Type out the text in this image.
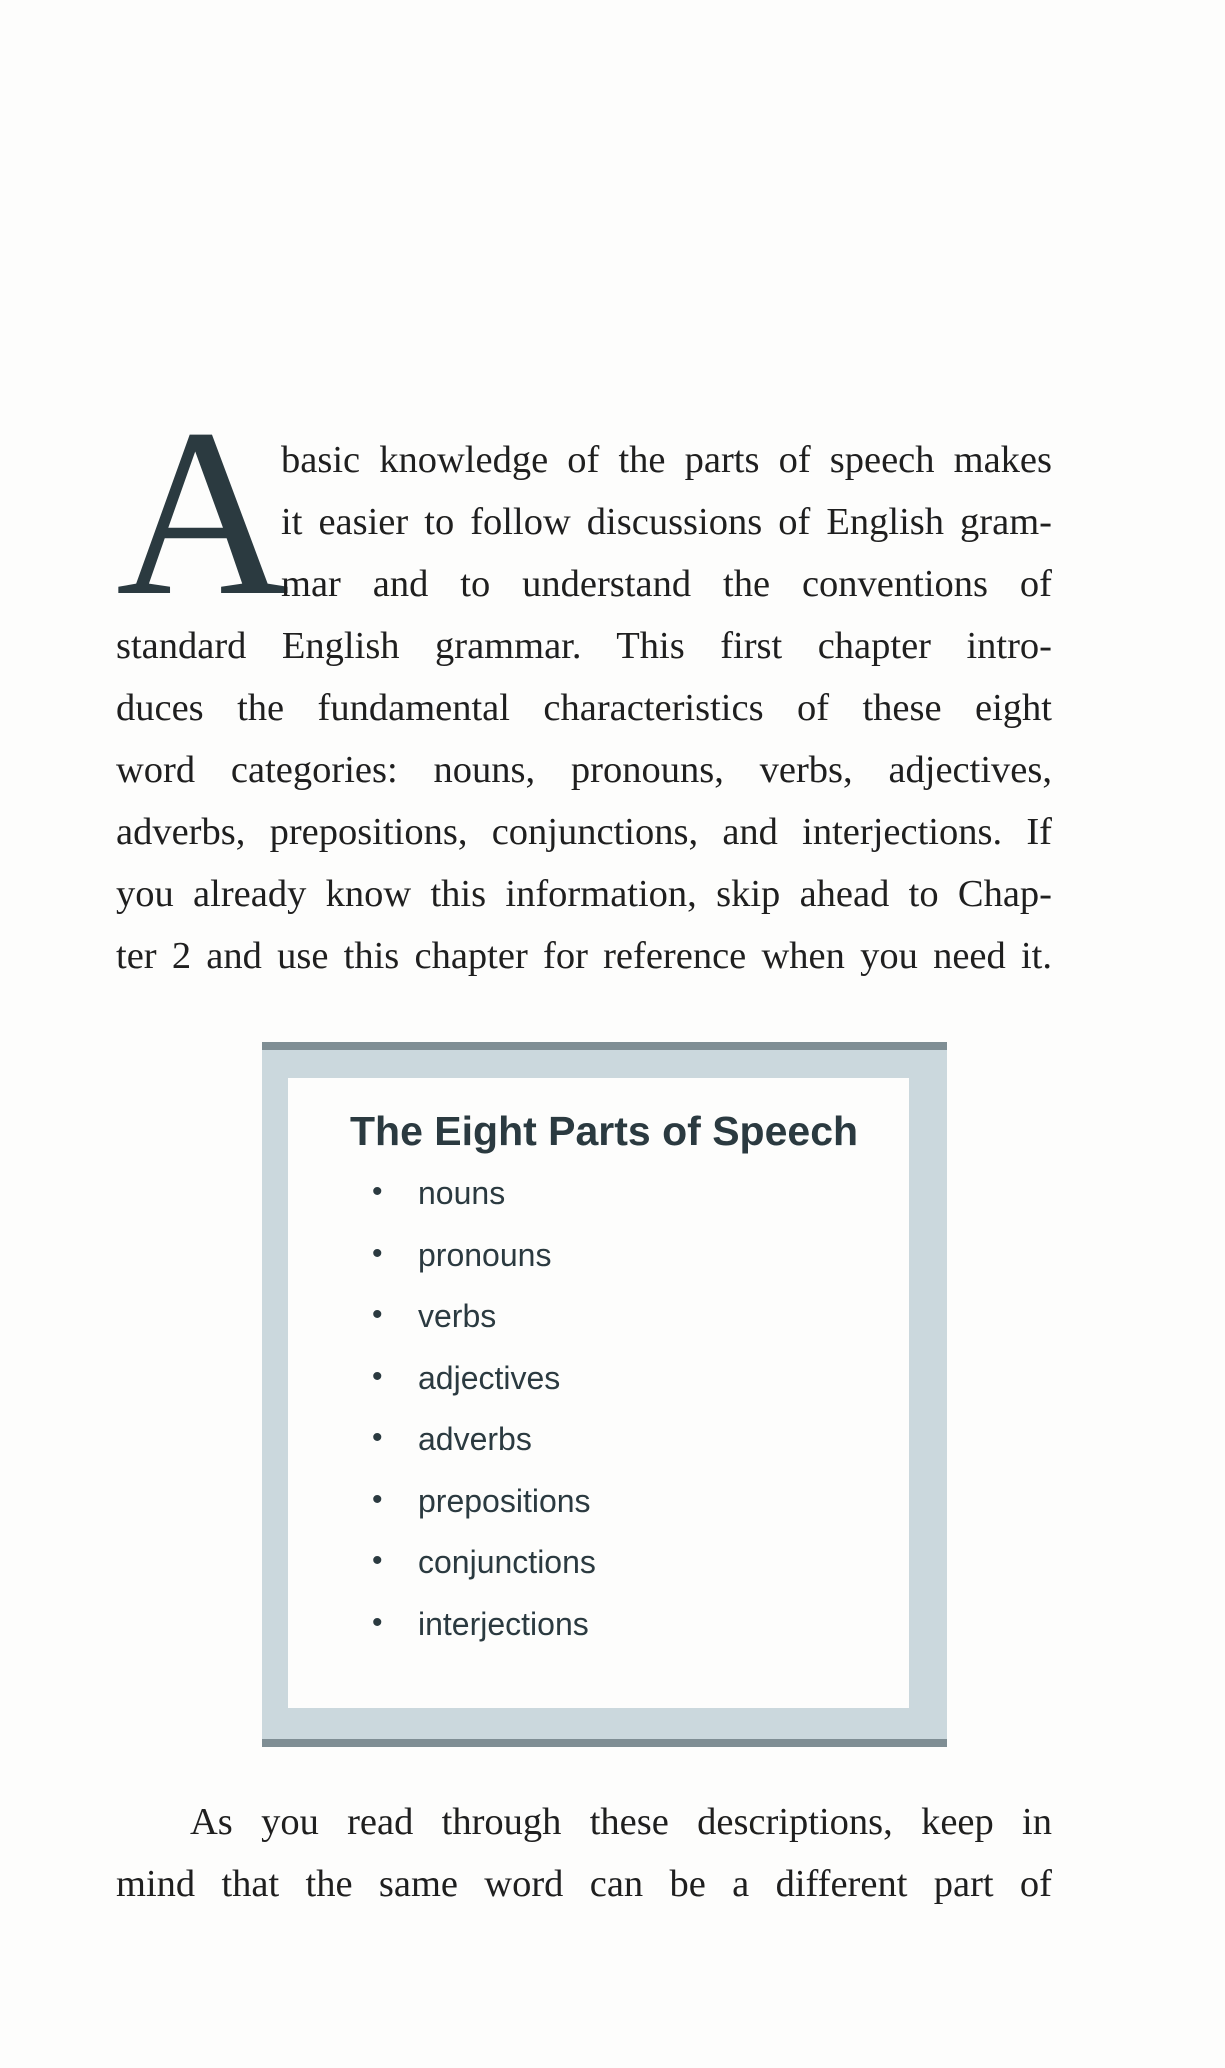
A
basic knowledge of the parts of speech makes
it easier to follow discussions of English gram-
mar and to understand the conventions of
standard English grammar. This first chapter intro-
duces the fundamental characteristics of these eight
word categories: nouns, pronouns, verbs, adjectives,
adverbs, prepositions, conjunctions, and interjections. If
you already know this information, skip ahead to Chap-
ter 2 and use this chapter for reference when you need it.
The Eight Parts of Speech
• nouns
• pronouns
• verbs
• adjectives
• adverbs
• prepositions
• conjunctions
• interjections
As you read through these descriptions, keep in
mind that the same word can be a different part of
